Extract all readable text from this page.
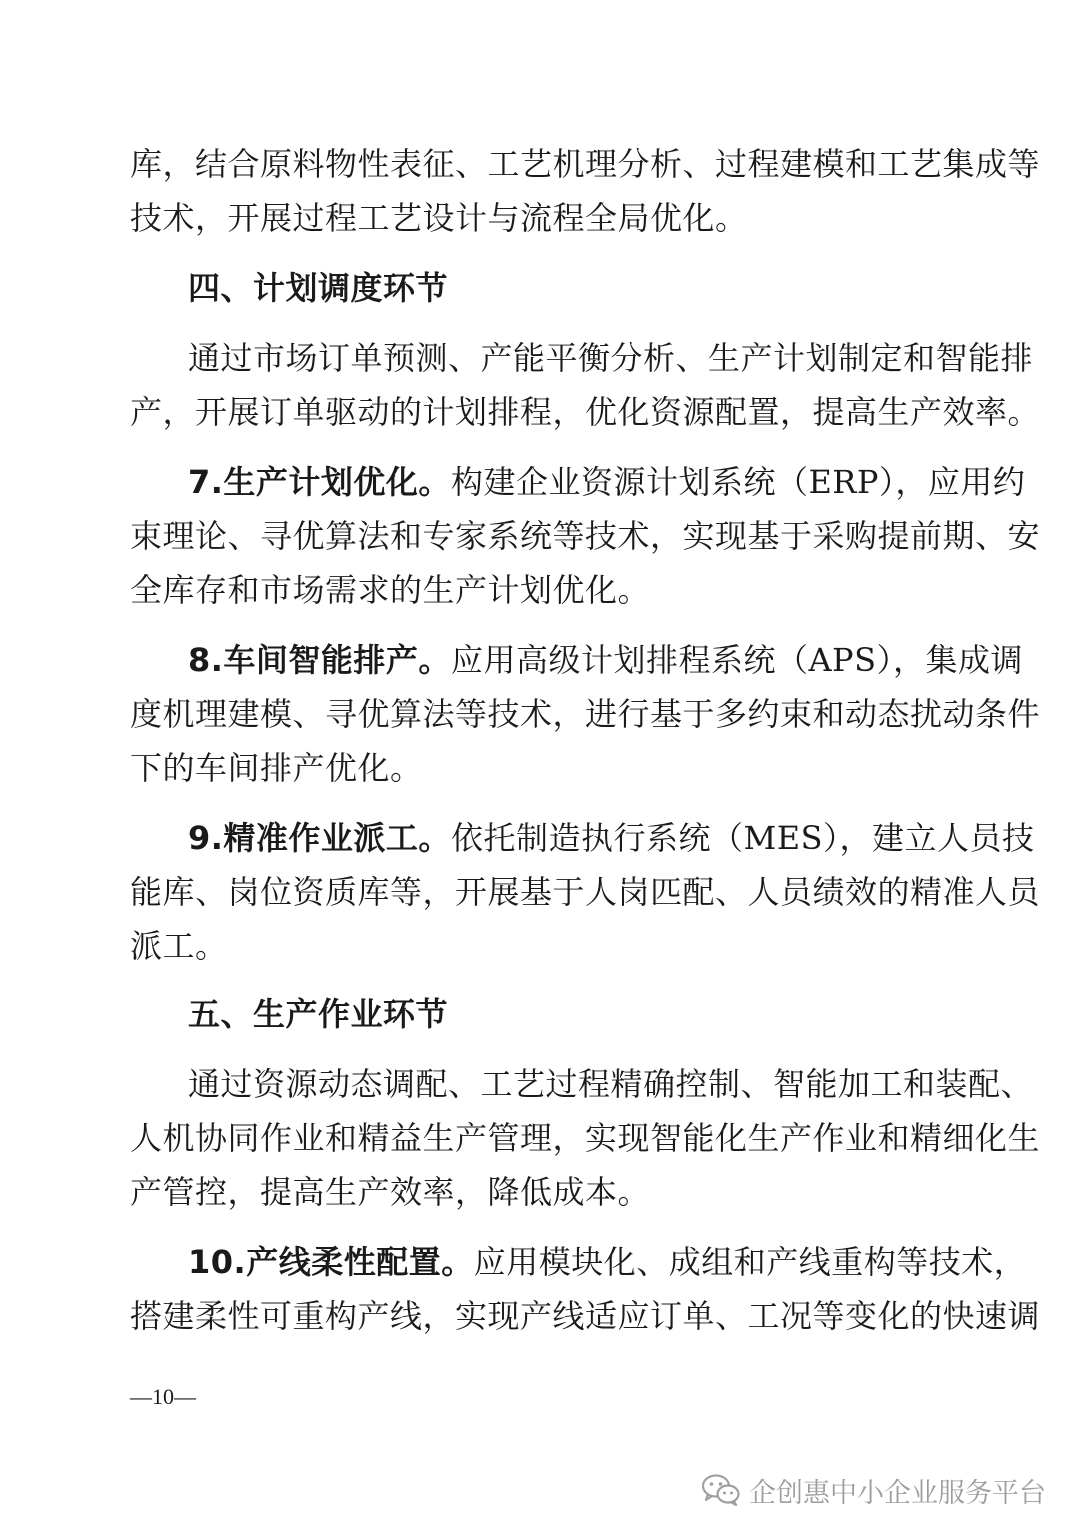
库，结合原料物性表征、工艺机理分析、过程建模和工艺集成等
技术，开展过程工艺设计与流程全局优化。
四、计划调度环节
通过市场订单预测、产能平衡分析、生产计划制定和智能排
产，开展订单驱动的计划排程，优化资源配置，提高生产效率。
7.生产计划优化。构建企业资源计划系统（ERP），应用约
束理论、寻优算法和专家系统等技术，实现基于采购提前期、安
全库存和市场需求的生产计划优化。
8.车间智能排产。应用高级计划排程系统（APS），集成调
度机理建模、寻优算法等技术，进行基于多约束和动态扰动条件
下的车间排产优化。
9.精准作业派工。依托制造执行系统（MES），建立人员技
能库、岗位资质库等，开展基于人岗匹配、人员绩效的精准人员
派工。
五、生产作业环节
通过资源动态调配、工艺过程精确控制、智能加工和装配、
人机协同作业和精益生产管理，实现智能化生产作业和精细化生
产管控，提高生产效率，降低成本。
10.产线柔性配置。应用模块化、成组和产线重构等技术，
搭建柔性可重构产线，实现产线适应订单、工况等变化的快速调
—10—
企创惠中小企业服务平台
